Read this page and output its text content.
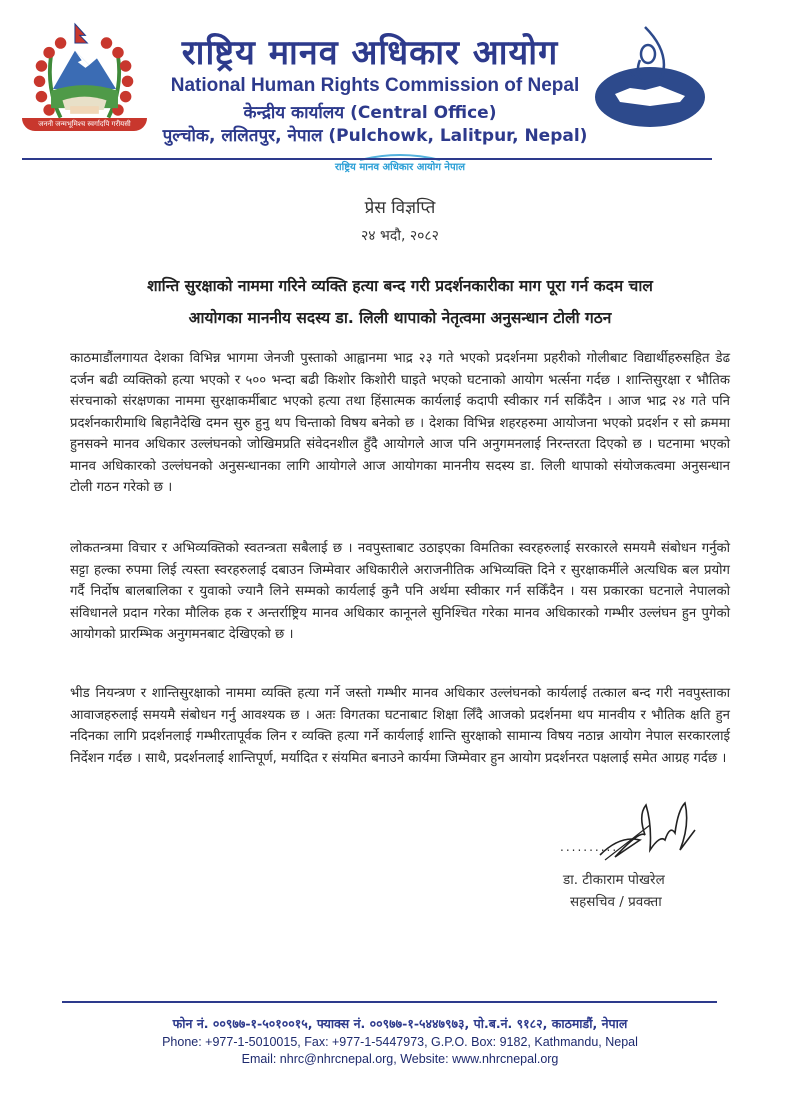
जननी जन्मभूमिश्च स्वर्गादपि गरीयसी
राष्ट्रिय मानव अधिकार आयोग
National Human Rights Commission of Nepal
केन्द्रीय कार्यालय (Central Office)
पुल्चोक, ललितपुर, नेपाल (Pulchowk, Lalitpur, Nepal)
राष्ट्रिय मानव अधिकार आयोग नेपाल
प्रेस विज्ञप्ति
२४ भदौ, २०८२
शान्ति सुरक्षाको नाममा गरिने व्यक्ति हत्या बन्द गरी प्रदर्शनकारीका माग पूरा गर्न कदम चाल
आयोगका माननीय सदस्य डा. लिली थापाको नेतृत्वमा अनुसन्धान टोली गठन

काठमाडौंलगायत देशका विभिन्न भागमा जेनजी पुस्ताको आह्वानमा भाद्र २३ गते भएको प्रदर्शनमा प्रहरीको गोलीबाट विद्यार्थीहरुसहित डेढ दर्जन बढी व्यक्तिको हत्या भएको र ५०० भन्दा बढी किशोर किशोरी घाइते भएको घटनाको आयोग भर्त्सना गर्दछ । शान्तिसुरक्षा र भौतिक संरचनाको संरक्षणका नाममा सुरक्षाकर्मीबाट भएको हत्या तथा हिंसात्मक कार्यलाई कदापी स्वीकार गर्न सकिँदैन । आज भाद्र २४ गते पनि प्रदर्शनकारीमाथि बिहानैदेखि दमन सुरु हुनु थप चिन्ताको विषय बनेको छ । देशका विभिन्न शहरहरुमा आयोजना भएको प्रदर्शन र सो क्रममा हुनसक्ने मानव अधिकार उल्लंघनको जोखिमप्रति संवेदनशील हुँदै आयोगले आज पनि अनुगमनलाई निरन्तरता दिएको छ । घटनामा भएको मानव अधिकारको उल्लंघनको अनुसन्धानका लागि आयोगले आज आयोगका माननीय सदस्य डा. लिली थापाको संयोजकत्वमा अनुसन्धान टोली गठन गरेको छ ।

लोकतन्त्रमा विचार र अभिव्यक्तिको स्वतन्त्रता सबैलाई छ । नवपुस्ताबाट उठाइएका विमतिका स्वरहरुलाई सरकारले समयमै संबोधन गर्नुको सट्टा हल्का रुपमा लिई त्यस्ता स्वरहरुलाई दबाउन जिम्मेवार अधिकारीले अराजनीतिक अभिव्यक्ति दिने र सुरक्षाकर्मीले अत्यधिक बल प्रयोग गर्दै निर्दोष बालबालिका र युवाको ज्यानै लिने सम्मको कार्यलाई कुनै पनि अर्थमा स्वीकार गर्न सकिँदैन । यस प्रकारका घटनाले नेपालको संविधानले प्रदान गरेका मौलिक हक र अन्तर्राष्ट्रिय मानव अधिकार कानूनले सुनिश्चित गरेका मानव अधिकारको गम्भीर उल्लंघन हुन पुगेको आयोगको प्रारम्भिक अनुगमनबाट देखिएको छ ।

भीड नियन्त्रण र शान्तिसुरक्षाको नाममा व्यक्ति हत्या गर्ने जस्तो गम्भीर मानव अधिकार उल्लंघनको कार्यलाई तत्काल बन्द गरी नवपुस्ताका आवाजहरुलाई समयमै संबोधन गर्नु आवश्यक छ । अतः विगतका घटनाबाट शिक्षा लिँदै आजको प्रदर्शनमा थप मानवीय र भौतिक क्षति हुन नदिनका लागि प्रदर्शनलाई गम्भीरतापूर्वक लिन र व्यक्ति हत्या गर्ने कार्यलाई शान्ति सुरक्षाको सामान्य विषय नठान्न आयोग नेपाल सरकारलाई निर्देशन गर्दछ । साथै, प्रदर्शनलाई शान्तिपूर्ण, मर्यादित र संयमित बनाउने कार्यमा जिम्मेवार हुन आयोग प्रदर्शनरत पक्षलाई समेत आग्रह गर्दछ ।

..........
डा. टीकाराम पोखरेल
सहसचिव / प्रवक्ता
फोन नं. ००९७७-१-५०१००१५, फ्याक्स नं. ००९७७-१-५४४७९७३, पो.ब.नं. ९१८२, काठमाडौं, नेपाल
Phone: +977-1-5010015, Fax: +977-1-5447973, G.P.O. Box: 9182, Kathmandu, Nepal
Email: nhrc@nhrcnepal.org, Website: www.nhrcnepal.org
